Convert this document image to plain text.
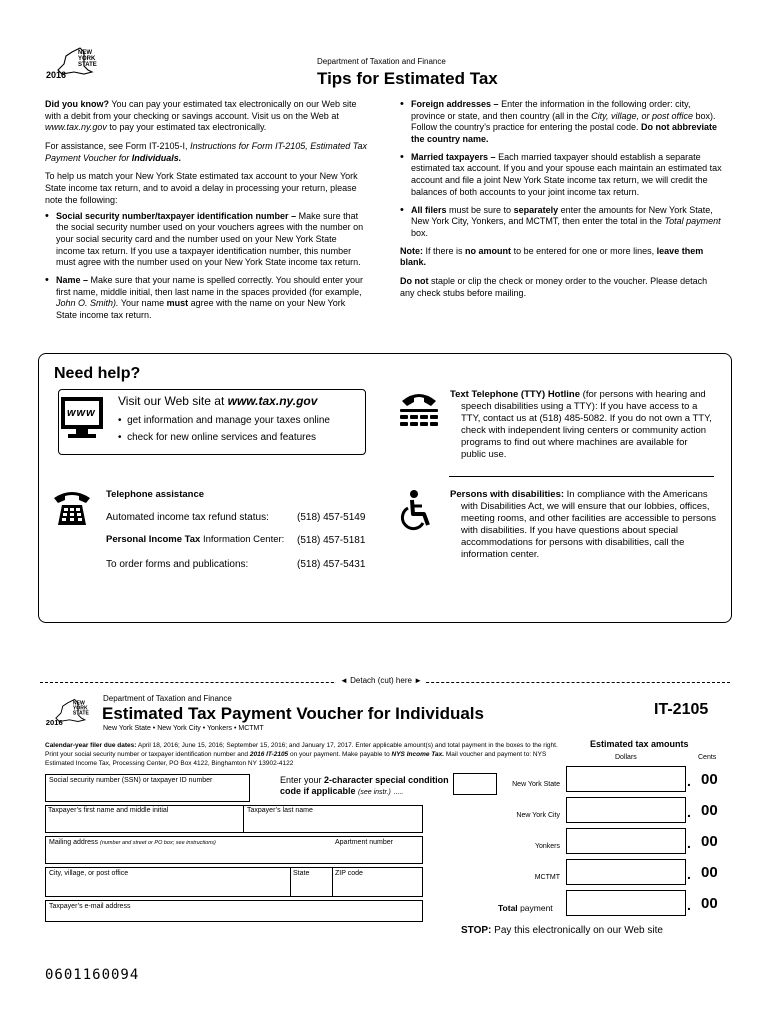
NEW
YORK
STATE
2016
Department of Taxation and Finance
Tips for Estimated Tax

Did you know? You can pay your estimated tax electronically on our Web site with a debit from your checking or savings account. Visit us on the Web at www.tax.ny.gov to pay your estimated tax electronically.

For assistance, see Form IT-2105-I, Instructions for Form IT-2105, Estimated Tax Payment Voucher for Individuals.

To help us match your New York State estimated tax account to your New York State income tax return, and to avoid a delay in processing your return, please note the following:

• Social security number/taxpayer identification number – Make sure that the social security number used on your vouchers agrees with the number on your social security card and the number used on your New York State income tax return. If you use a taxpayer identification number, this number must agree with the number used on your New York State income tax return.
• Name – Make sure that your name is spelled correctly. You should enter your first name, middle initial, then last name in the spaces provided (for example, John O. Smith). Your name must agree with the name on your New York State income tax return.
• Foreign addresses – Enter the information in the following order: city, province or state, and then country (all in the City, village, or post office box). Follow the country’s practice for entering the postal code. Do not abbreviate the country name.
• Married taxpayers – Each married taxpayer should establish a separate estimated tax account. If you and your spouse each maintain an estimated tax account and file a joint New York State income tax return, we will credit the balances of both accounts to your joint income tax return.
• All filers must be sure to separately enter the amounts for New York State, New York City, Yonkers, and MCTMT, then enter the total in the Total payment box.

Note: If there is no amount to be entered for one or more lines, leave them blank.

Do not staple or clip the check or money order to the voucher. Please detach any check stubs before mailing.

Need help?
www
Visit our Web site at www.tax.ny.gov
•  get information and manage your taxes online
•  check for new online services and features
Text Telephone (TTY) Hotline (for persons with hearing and speech disabilities using a TTY): If you have access to a TTY, contact us at (518) 485-5082. If you do not own a TTY, check with independent living centers or community action programs to find out where machines are available for public use.
Telephone assistance
Automated income tax refund status:	(518) 457-5149
Personal Income Tax Information Center: (518) 457-5181
To order forms and publications:	(518) 457-5431
Persons with disabilities: In compliance with the Americans with Disabilities Act, we will ensure that our lobbies, offices, meeting rooms, and other facilities are accessible to persons with disabilities. If you have questions about special accommodations for persons with disabilities, call the information center.
◄ Detach (cut) here ►
NEW
YORK
STATE
2016
Department of Taxation and Finance
Estimated Tax Payment Voucher for Individuals
New York State • New York City • Yonkers • MCTMT
IT-2105
Calendar-year filer due dates: April 18, 2016; June 15, 2016; September 15, 2016; and January 17, 2017. Enter applicable amount(s) and total payment in the boxes to the right. Print your social security number or taxpayer identification number and 2016 IT-2105 on your payment. Make payable to NYS Income Tax. Mail voucher and payment to: NYS Estimated Income Tax, Processing Center, PO Box 4122, Binghamton NY 13902-4122
Social security number (SSN) or taxpayer ID number	Enter your 2-character special condition code if applicable (see instr.) .....
Taxpayer’s first name and middle initial	Taxpayer’s last name
Mailing address (number and street or PO box; see instructions)	Apartment number
City, village, or post office	State	ZIP code
Taxpayer’s e-mail address
Estimated tax amounts
Dollars	Cents
New York State	. 00
New York City	. 00
Yonkers	. 00
MCTMT	. 00
Total payment	. 00
STOP: Pay this electronically on our Web site
0601160094
